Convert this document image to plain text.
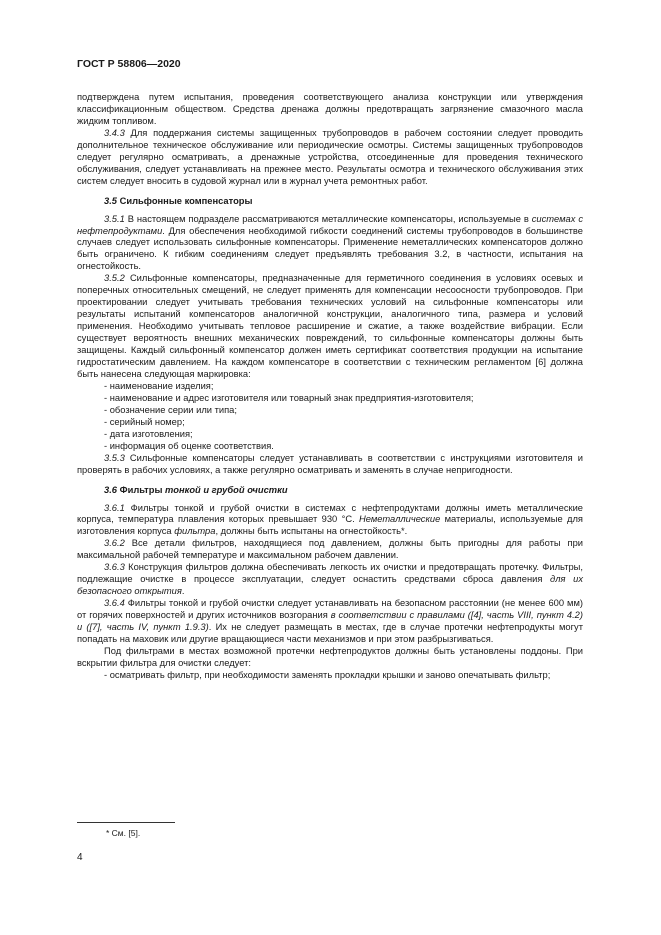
ГОСТ Р 58806—2020

подтверждена путем испытания, проведения соответствующего анализа конструкции или утверждения классификационным обществом. Средства дренажа должны предотвращать загрязнение смазочного масла жидким топливом.

3.4.3 Для поддержания системы защищенных трубопроводов в рабочем состоянии следует проводить дополнительное техническое обслуживание или периодические осмотры. Системы защищенных трубопроводов следует регулярно осматривать, а дренажные устройства, отсоединенные для проведения технического обслуживания, следует устанавливать на прежнее место. Результаты осмотра и технического обслуживания этих систем следует вносить в судовой журнал или в журнал учета ремонтных работ.

3.5 Сильфонные компенсаторы

3.5.1 В настоящем подразделе рассматриваются металлические компенсаторы, используемые в системах с нефтепродуктами. Для обеспечения необходимой гибкости соединений системы трубопроводов в большинстве случаев следует использовать сильфонные компенсаторы. Применение неметаллических компенсаторов должно быть ограничено. К гибким соединениям следует предъявлять требования 3.2, в частности, испытания на огнестойкость.

3.5.2 Сильфонные компенсаторы, предназначенные для герметичного соединения в условиях осевых и поперечных относительных смещений, не следует применять для компенсации несоосности трубопроводов. При проектировании следует учитывать требования технических условий на сильфонные компенсаторы или результаты испытаний компенсаторов аналогичной конструкции, аналогичного типа, размера и условий применения. Необходимо учитывать тепловое расширение и сжатие, а также воздействие вибрации. Если существует вероятность внешних механических повреждений, то сильфонные компенсаторы должны быть защищены. Каждый сильфонный компенсатор должен иметь сертификат соответствия продукции на испытание гидростатическим давлением. На каждом компенсаторе в соответствии с техническим регламентом [6] должна быть нанесена следующая маркировка:

- наименование изделия;

- наименование и адрес изготовителя или товарный знак предприятия-изготовителя;

- обозначение серии или типа;

- серийный номер;

- дата изготовления;

- информация об оценке соответствия.

3.5.3 Сильфонные компенсаторы следует устанавливать в соответствии с инструкциями изготовителя и проверять в рабочих условиях, а также регулярно осматривать и заменять в случае непригодности.

3.6 Фильтры тонкой и грубой очистки

3.6.1 Фильтры тонкой и грубой очистки в системах с нефтепродуктами должны иметь металлические корпуса, температура плавления которых превышает 930 °C. Неметаллические материалы, используемые для изготовления корпуса фильтра, должны быть испытаны на огнестойкость*.

3.6.2 Все детали фильтров, находящиеся под давлением, должны быть пригодны для работы при максимальной рабочей температуре и максимальном рабочем давлении.

3.6.3 Конструкция фильтров должна обеспечивать легкость их очистки и предотвращать протечку. Фильтры, подлежащие очистке в процессе эксплуатации, следует оснастить средствами сброса давления для их безопасного открытия.

3.6.4 Фильтры тонкой и грубой очистки следует устанавливать на безопасном расстоянии (не менее 600 мм) от горячих поверхностей и других источников возгорания в соответствии с правилами ([4], часть VIII, пункт 4.2) и ([7], часть IV, пункт 1.9.3). Их не следует размещать в местах, где в случае протечки нефтепродукты могут попадать на маховик или другие вращающиеся части механизмов и при этом разбрызгиваться.

Под фильтрами в местах возможной протечки нефтепродуктов должны быть установлены поддоны. При вскрытии фильтра для очистки следует:

- осматривать фильтр, при необходимости заменять прокладки крышки и заново опечатывать фильтр;

* См. [5].
4
